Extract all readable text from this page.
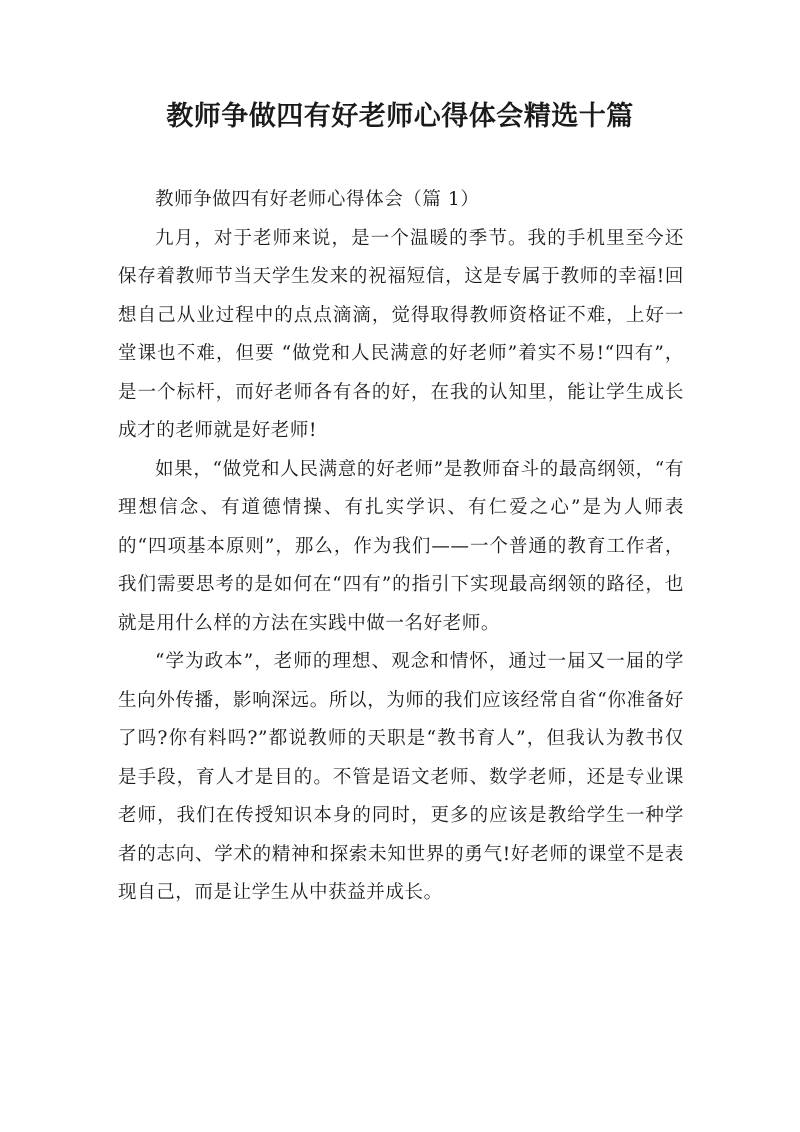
教师争做四有好老师心得体会精选十篇

教师争做四有好老师心得体会（篇 1）

九月，对于老师来说，是一个温暖的季节。我的手机里至今还保存着教师节当天学生发来的祝福短信，这是专属于教师的幸福!回想自己从业过程中的点点滴滴，觉得取得教师资格证不难，上好一堂课也不难，但要 “做党和人民满意的好老师”着实不易!“四有”，是一个标杆，而好老师各有各的好，在我的认知里，能让学生成长成才的老师就是好老师!

如果，“做党和人民满意的好老师”是教师奋斗的最高纲领，“有理想信念、有道德情操、有扎实学识、有仁爱之心”是为人师表的“四项基本原则”，那么，作为我们——一个普通的教育工作者，我们需要思考的是如何在“四有”的指引下实现最高纲领的路径，也就是用什么样的方法在实践中做一名好老师。

“学为政本”，老师的理想、观念和情怀，通过一届又一届的学生向外传播，影响深远。所以，为师的我们应该经常自省“你准备好了吗?你有料吗?”都说教师的天职是“教书育人”，但我认为教书仅是手段，育人才是目的。不管是语文老师、数学老师，还是专业课老师，我们在传授知识本身的同时，更多的应该是教给学生一种学者的志向、学术的精神和探索未知世界的勇气!好老师的课堂不是表现自己，而是让学生从中获益并成长。
